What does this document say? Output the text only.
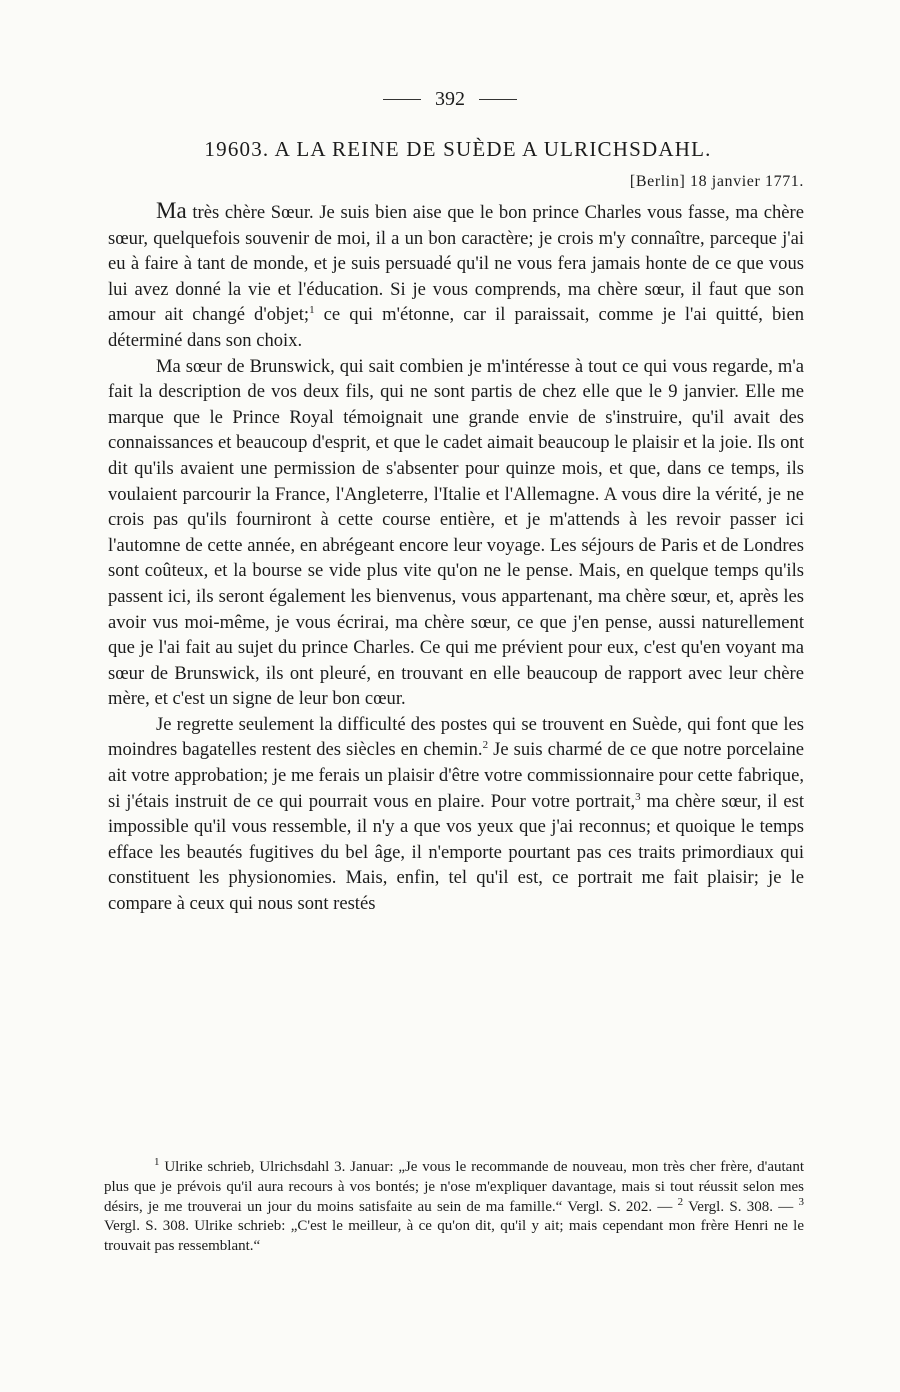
392
19603. A LA REINE DE SUÈDE A ULRICHSDAHL.
[Berlin] 18 janvier 1771.

Ma très chère Sœur. Je suis bien aise que le bon prince Charles vous fasse, ma chère sœur, quelquefois souvenir de moi, il a un bon caractère; je crois m'y connaître, parceque j'ai eu à faire à tant de monde, et je suis persuadé qu'il ne vous fera jamais honte de ce que vous lui avez donné la vie et l'éducation. Si je vous comprends, ma chère sœur, il faut que son amour ait changé d'objet;$^1$ ce qui m'étonne, car il paraissait, comme je l'ai quitté, bien déterminé dans son choix.

Ma sœur de Brunswick, qui sait combien je m'intéresse à tout ce qui vous regarde, m'a fait la description de vos deux fils, qui ne sont partis de chez elle que le 9 janvier. Elle me marque que le Prince Royal témoignait une grande envie de s'instruire, qu'il avait des connaissances et beaucoup d'esprit, et que le cadet aimait beaucoup le plaisir et la joie. Ils ont dit qu'ils avaient une permission de s'absenter pour quinze mois, et que, dans ce temps, ils voulaient parcourir la France, l'Angleterre, l'Italie et l'Allemagne. A vous dire la vérité, je ne crois pas qu'ils fourniront à cette course entière, et je m'attends à les revoir passer ici l'automne de cette année, en abrégeant encore leur voyage. Les séjours de Paris et de Londres sont coûteux, et la bourse se vide plus vite qu'on ne le pense. Mais, en quelque temps qu'ils passent ici, ils seront également les bienvenus, vous appartenant, ma chère sœur, et, après les avoir vus moi-même, je vous écrirai, ma chère sœur, ce que j'en pense, aussi naturellement que je l'ai fait au sujet du prince Charles. Ce qui me prévient pour eux, c'est qu'en voyant ma sœur de Brunswick, ils ont pleuré, en trouvant en elle beaucoup de rapport avec leur chère mère, et c'est un signe de leur bon cœur.

Je regrette seulement la difficulté des postes qui se trouvent en Suède, qui font que les moindres bagatelles restent des siècles en chemin.$^2$ Je suis charmé de ce que notre porcelaine ait votre approbation; je me ferais un plaisir d'être votre commissionnaire pour cette fabrique, si j'étais instruit de ce qui pourrait vous en plaire. Pour votre portrait,$^3$ ma chère sœur, il est impossible qu'il vous ressemble, il n'y a que vos yeux que j'ai reconnus; et quoique le temps efface les beautés fugitives du bel âge, il n'emporte pourtant pas ces traits primordiaux qui constituent les physionomies. Mais, enfin, tel qu'il est, ce portrait me fait plaisir; je le compare à ceux qui nous sont restés

$^1$ Ulrike schrieb, Ulrichsdahl 3. Januar: „Je vous le recommande de nouveau, mon très cher frère, d'autant plus que je prévois qu'il aura recours à vos bontés; je n'ose m'expliquer davantage, mais si tout réussit selon mes désirs, je me trouverai un jour du moins satisfaite au sein de ma famille.“ Vergl. S. 202. — $^2$ Vergl. S. 308. — $^3$ Vergl. S. 308. Ulrike schrieb: „C'est le meilleur, à ce qu'on dit, qu'il y ait; mais cependant mon frère Henri ne le trouvait pas ressemblant.“
